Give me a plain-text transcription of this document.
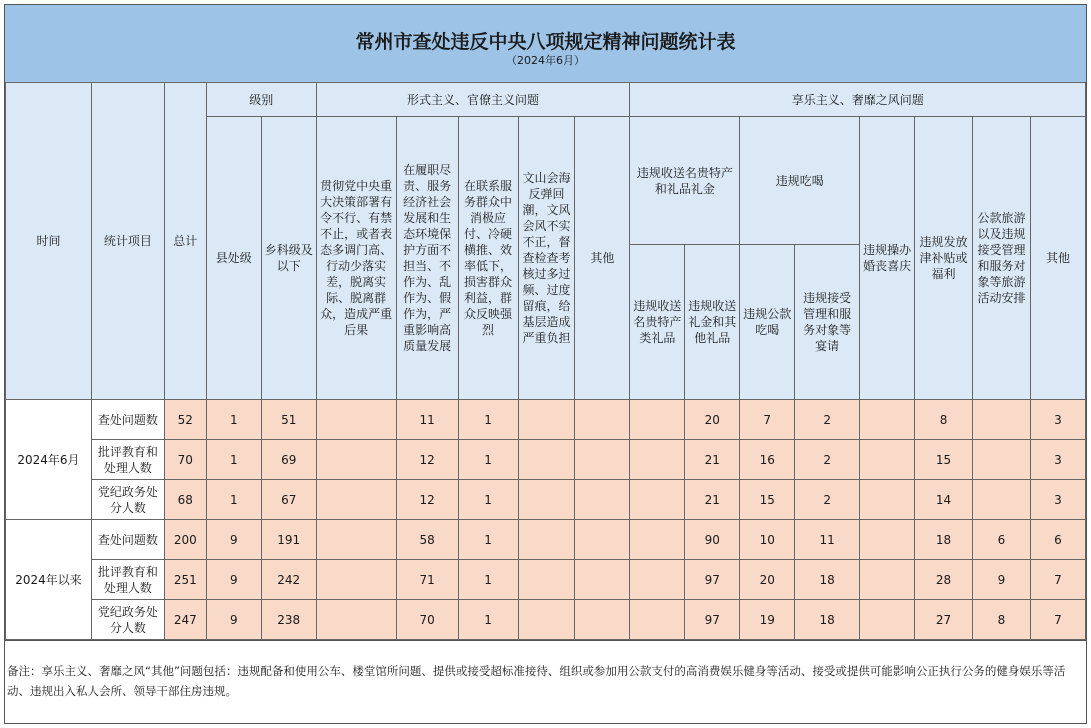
常州市查处违反中央八项规定精神问题统计表
（2024年6月）
时间	统计项目	总计	级别		形式主义、官僚主义问题					享乐主义、奢靡之风问题							
			县处级	乡科级及以下	贯彻党中央重大决策部署有令不行、有禁不止，或者表态多调门高、行动少落实差，脱离实际、脱离群众，造成严重后果	在履职尽责、服务经济社会发展和生态环境保护方面不担当、不作为、乱作为、假作为，严重影响高质量发展	在联系服务群众中消极应付、冷硬横推、效率低下，损害群众利益，群众反映强烈	文山会海反弹回潮，文风会风不实不正，督查检查考核过多过频、过度留痕，给基层造成严重负担	其他	违规收送名贵特产和礼品礼金		违规吃喝		违规操办婚丧喜庆	违规发放津补贴或福利	公款旅游以及违规接受管理和服务对象等旅游活动安排	其他
										违规收送名贵特产类礼品	违规收送礼金和其他礼品	违规公款吃喝	违规接受管理和服务对象等宴请				

2024年6月	查处问题数	52	1	51		11	1				20	7	2		8		3
	批评教育和处理人数	70	1	69		12	1				21	16	2		15		3
	党纪政务处分人数	68	1	67		12	1				21	15	2		14		3
2024年以来	查处问题数	200	9	191		58	1				90	10	11		18	6	6
	批评教育和处理人数	251	9	242		71	1				97	20	18		28	9	7
	党纪政务处分人数	247	9	238		70	1				97	19	18		27	8	7
备注：享乐主义、奢靡之风“其他”问题包括：违规配备和使用公车、楼堂馆所问题、提供或接受超标准接待、组织或参加用公款支付的高消费娱乐健身等活动、接受或提供可能影响公正执行公务的健身娱乐等活动、违规出入私人会所、领导干部住房违规。
